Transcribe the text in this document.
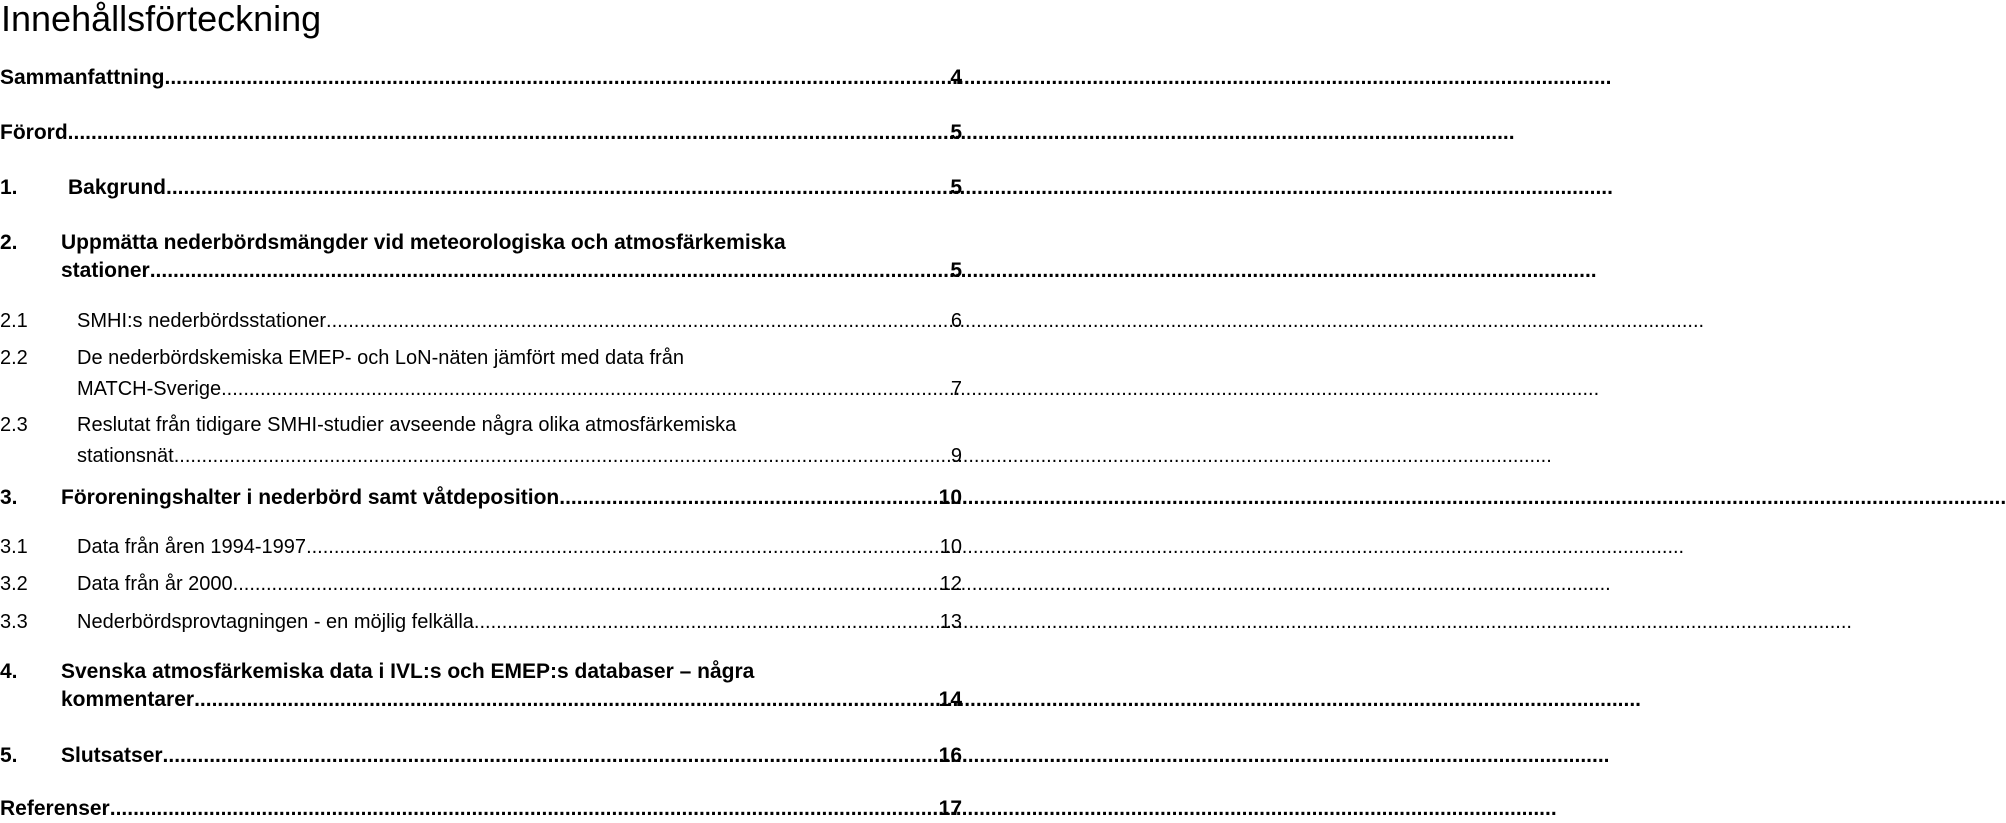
Innehållsförteckning
Sammanfattning .....	4
Förord .....	5
1.	Bakgrund .....	5
2.	Uppmätta nederbördsmängder vid meteorologiska och atmosfärkemiska
stationer .....	5
2.1	SMHI:s nederbördsstationer .....	6
2.2	De nederbördskemiska EMEP- och LoN-näten jämfört med data från
MATCH-Sverige .....	7
2.3	Reslutat från tidigare SMHI-studier avseende några olika atmosfärkemiska
stationsnät .....	9
3.	Föroreningshalter i nederbörd samt våtdeposition .....	10
3.1	Data från åren 1994-1997 .....	10
3.2	Data från år 2000 .....	12
3.3	Nederbördsprovtagningen - en möjlig felkälla .....	13
4.	Svenska atmosfärkemiska data i IVL:s och EMEP:s databaser – några
kommentarer .....	14
5.	Slutsatser .....	16
Referenser .....	17
